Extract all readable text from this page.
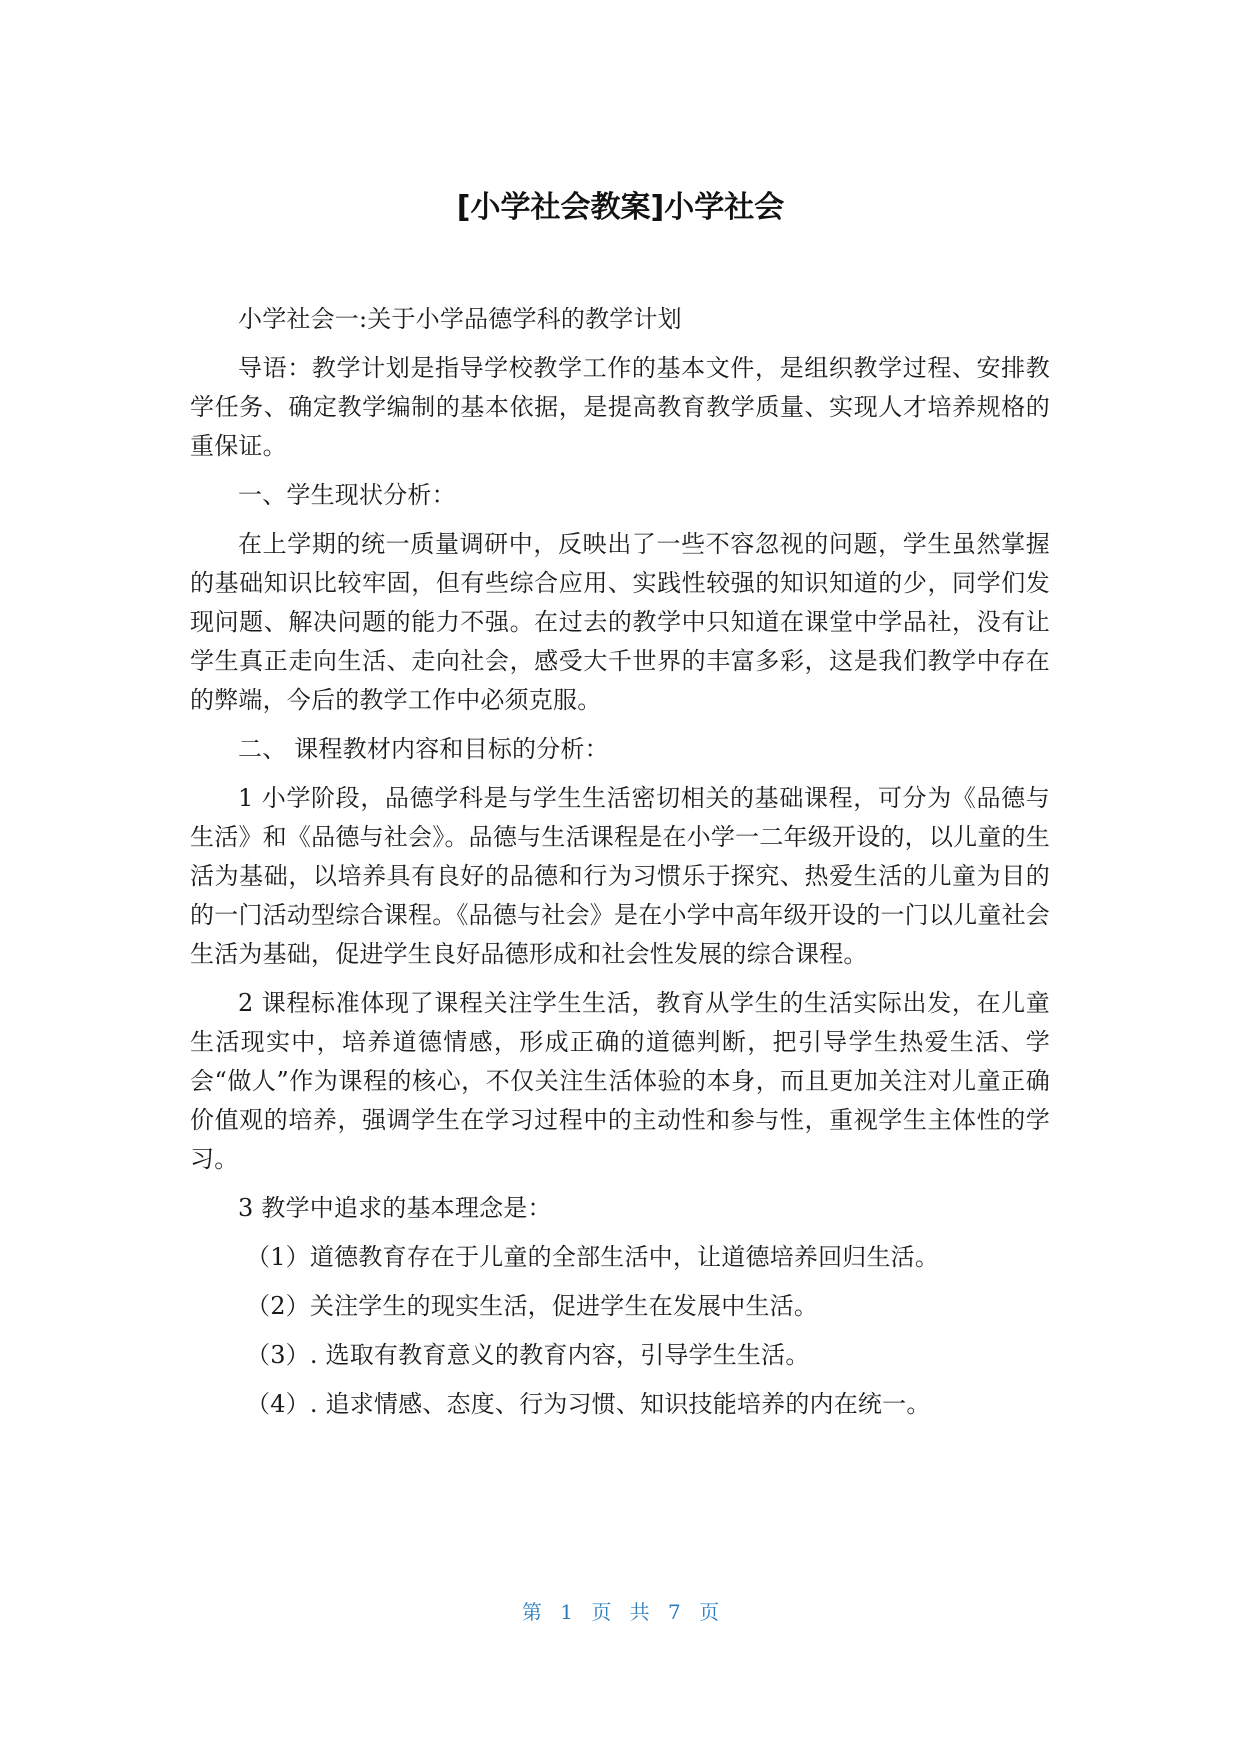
[小学社会教案]小学社会

小学社会一:关于小学品德学科的教学计划

导语：教学计划是指导学校教学工作的基本文件，是组织教学过程、安排教学任务、确定教学编制的基本依据，是提高教育教学质量、实现人才培养规格的重保证。

一、学生现状分析：

在上学期的统一质量调研中，反映出了一些不容忽视的问题，学生虽然掌握的基础知识比较牢固，但有些综合应用、实践性较强的知识知道的少，同学们发现问题、解决问题的能力不强。在过去的教学中只知道在课堂中学品社，没有让学生真正走向生活、走向社会，感受大千世界的丰富多彩，这是我们教学中存在的弊端，今后的教学工作中必须克服。

二、 课程教材内容和目标的分析：

1 小学阶段，品德学科是与学生生活密切相关的基础课程，可分为《品德与生活》和《品德与社会》。品德与生活课程是在小学一二年级开设的，以儿童的生活为基础，以培养具有良好的品德和行为习惯乐于探究、热爱生活的儿童为目的的一门活动型综合课程。《品德与社会》是在小学中高年级开设的一门以儿童社会生活为基础，促进学生良好品德形成和社会性发展的综合课程。

2 课程标准体现了课程关注学生生活，教育从学生的生活实际出发，在儿童生活现实中，培养道德情感，形成正确的道德判断，把引导学生热爱生活、学会“做人”作为课程的核心，不仅关注生活体验的本身，而且更加关注对儿童正确价值观的培养，强调学生在学习过程中的主动性和参与性，重视学生主体性的学习。

3 教学中追求的基本理念是：

（1）道德教育存在于儿童的全部生活中，让道德培养回归生活。

（2）关注学生的现实生活，促进学生在发展中生活。

（3）. 选取有教育意义的教育内容，引导学生生活。

（4）. 追求情感、态度、行为习惯、知识技能培养的内在统一。

第 1 页 共 7 页
